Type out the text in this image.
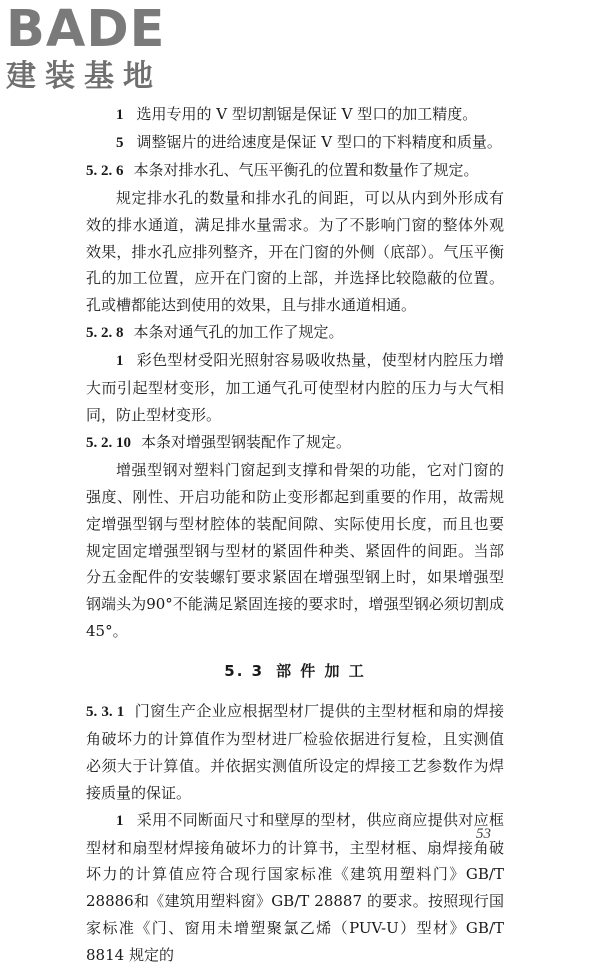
BADE
建装基地

1 选用专用的 V 型切割锯是保证 V 型口的加工精度。

5 调整锯片的进给速度是保证 V 型口的下料精度和质量。

5. 2. 6 本条对排水孔、气压平衡孔的位置和数量作了规定。

规定排水孔的数量和排水孔的间距，可以从内到外形成有效的排水通道，满足排水量需求。为了不影响门窗的整体外观效果，排水孔应排列整齐，开在门窗的外侧（底部）。气压平衡孔的加工位置，应开在门窗的上部，并选择比较隐蔽的位置。孔或槽都能达到使用的效果，且与排水通道相通。

5. 2. 8 本条对通气孔的加工作了规定。

1 彩色型材受阳光照射容易吸收热量，使型材内腔压力增大而引起型材变形，加工通气孔可使型材内腔的压力与大气相同，防止型材变形。

5. 2. 10 本条对增强型钢装配作了规定。

增强型钢对塑料门窗起到支撑和骨架的功能，它对门窗的强度、刚性、开启功能和防止变形都起到重要的作用，故需规定增强型钢与型材腔体的装配间隙、实际使用长度，而且也要规定固定增强型钢与型材的紧固件种类、紧固件的间距。当部分五金配件的安装螺钉要求紧固在增强型钢上时，如果增强型钢端头为90°不能满足紧固连接的要求时，增强型钢必须切割成 45°。

5. 3 部 件 加 工

5. 3. 1 门窗生产企业应根据型材厂提供的主型材框和扇的焊接角破坏力的计算值作为型材进厂检验依据进行复检，且实测值必须大于计算值。并依据实测值所设定的焊接工艺参数作为焊接质量的保证。

1 采用不同断面尺寸和壁厚的型材，供应商应提供对应框型材和扇型材焊接角破坏力的计算书，主型材框、扇焊接角破坏力的计算值应符合现行国家标准《建筑用塑料门》GB/T 28886和《建筑用塑料窗》GB/T 28887 的要求。按照现行国家标准《门、窗用未增塑聚氯乙烯（PUV-U）型材》GB/T 8814 规定的

53
